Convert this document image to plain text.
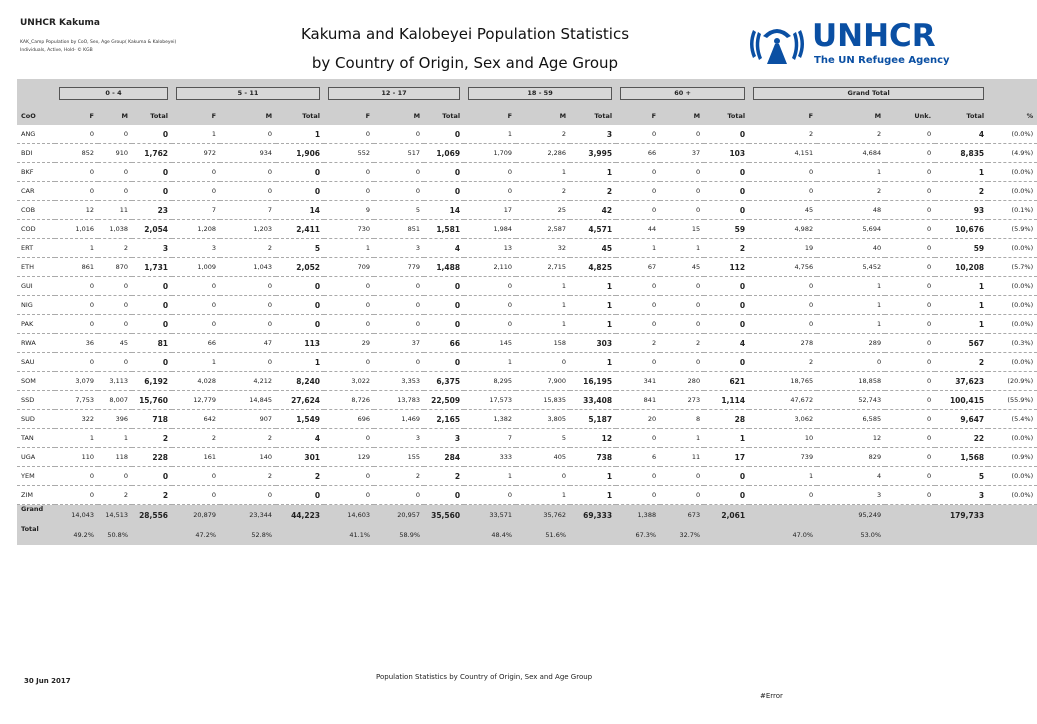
UNHCR Kakuma
KAK_Camp Population by CoO, Sex, Age Group( Kakuma & Kalobeyei)
Individuals, Active, Hold- © KGB
Kakuma and Kalobeyei Population Statistics
by Country of Origin, Sex and Age Group
UNHCR
The UN Refugee Agency
	0 - 4			5 - 11			12 - 17			18 - 59			60 +			Grand Total				
CoO	F	M	Total	F	M	Total	F	M	Total	F	M	Total	F	M	Total	F	M	Unk.	Total	%
ANG	0	0	0	1	0	1	0	0	0	1	2	3	0	0	0	2	2	0	4	(0.0%)
BDI	852	910	1,762	972	934	1,906	552	517	1,069	1,709	2,286	3,995	66	37	103	4,151	4,684	0	8,835	(4.9%)
BKF	0	0	0	0	0	0	0	0	0	0	1	1	0	0	0	0	1	0	1	(0.0%)
CAR	0	0	0	0	0	0	0	0	0	0	2	2	0	0	0	0	2	0	2	(0.0%)
COB	12	11	23	7	7	14	9	5	14	17	25	42	0	0	0	45	48	0	93	(0.1%)
COD	1,016	1,038	2,054	1,208	1,203	2,411	730	851	1,581	1,984	2,587	4,571	44	15	59	4,982	5,694	0	10,676	(5.9%)
ERT	1	2	3	3	2	5	1	3	4	13	32	45	1	1	2	19	40	0	59	(0.0%)
ETH	861	870	1,731	1,009	1,043	2,052	709	779	1,488	2,110	2,715	4,825	67	45	112	4,756	5,452	0	10,208	(5.7%)
GUI	0	0	0	0	0	0	0	0	0	0	1	1	0	0	0	0	1	0	1	(0.0%)
NIG	0	0	0	0	0	0	0	0	0	0	1	1	0	0	0	0	1	0	1	(0.0%)
PAK	0	0	0	0	0	0	0	0	0	0	1	1	0	0	0	0	1	0	1	(0.0%)
RWA	36	45	81	66	47	113	29	37	66	145	158	303	2	2	4	278	289	0	567	(0.3%)
SAU	0	0	0	1	0	1	0	0	0	1	0	1	0	0	0	2	0	0	2	(0.0%)
SOM	3,079	3,113	6,192	4,028	4,212	8,240	3,022	3,353	6,375	8,295	7,900	16,195	341	280	621	18,765	18,858	0	37,623	(20.9%)
SSD	7,753	8,007	15,760	12,779	14,845	27,624	8,726	13,783	22,509	17,573	15,835	33,408	841	273	1,114	47,672	52,743	0	100,415	(55.9%)
SUD	322	396	718	642	907	1,549	696	1,469	2,165	1,382	3,805	5,187	20	8	28	3,062	6,585	0	9,647	(5.4%)
TAN	1	1	2	2	2	4	0	3	3	7	5	12	0	1	1	10	12	0	22	(0.0%)
UGA	110	118	228	161	140	301	129	155	284	333	405	738	6	11	17	739	829	0	1,568	(0.9%)
YEM	0	0	0	0	2	2	0	2	2	1	0	1	0	0	0	1	4	0	5	(0.0%)
ZIM	0	2	2	0	0	0	0	0	0	0	1	1	0	0	0	0	3	0	3	(0.0%)
Grand	14,043	14,513	28,556	20,879	23,344	44,223	14,603	20,957	35,560	33,571	35,762	69,333	1,388	673	2,061		95,249		179,733	
Total	49.2%	50.8%		47.2%	52.8%		41.1%	58.9%		48.4%	51.6%		67.3%	32.7%		47.0%	53.0%			
30 Jun 2017	Population Statistics by Country of Origin, Sex and Age Group
#Error
